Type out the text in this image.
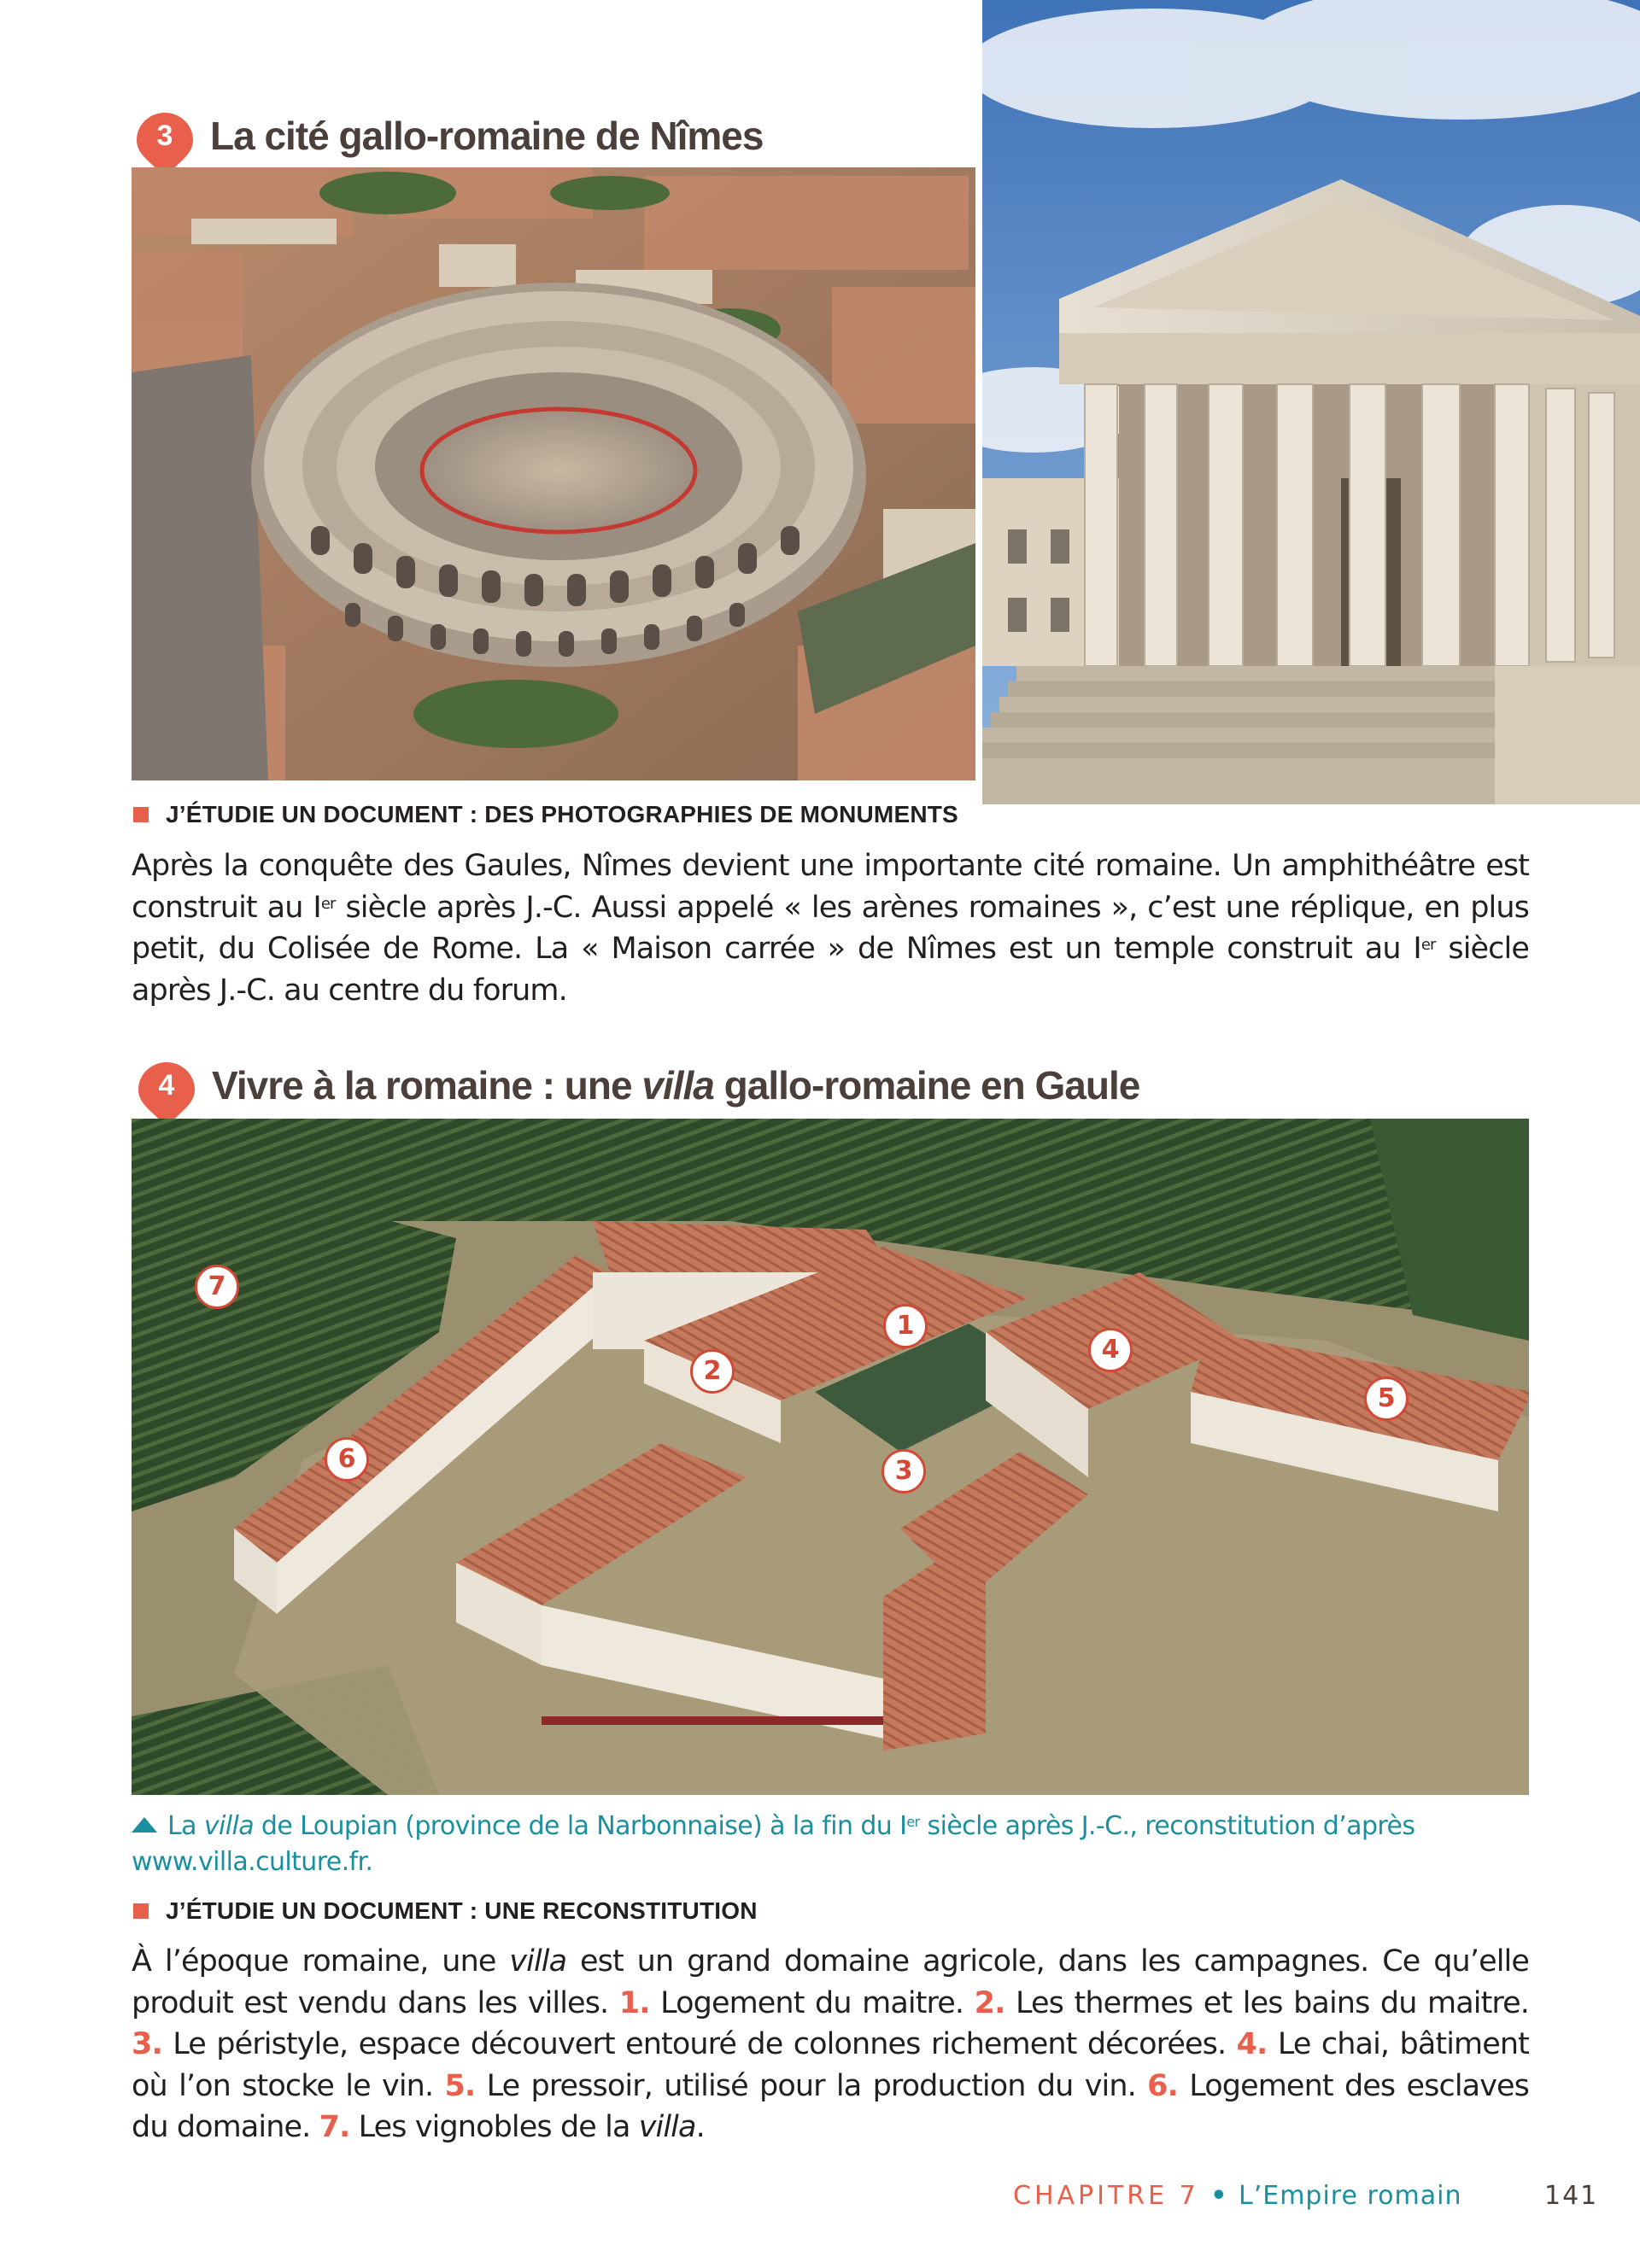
3 La cité gallo-romaine de Nîmes
J’ÉTUDIE UN DOCUMENT : DES PHOTOGRAPHIES DE MONUMENTS
Après la conquête des Gaules, Nîmes devient une importante cité romaine. Un amphithéâtre est construit au Ier siècle après J.-C. Aussi appelé « les arènes romaines », c’est une réplique, en plus petit, du Colisée de Rome. La « Maison carrée » de Nîmes est un temple construit au Ier siècle après J.-C. au centre du forum.
4 Vivre à la romaine : une villa gallo-romaine en Gaule
1
2
3
4
5
6
7
La villa de Loupian (province de la Narbonnaise) à la fin du Ier siècle après J.-C., reconstitution d’après www.villa.culture.fr.
J’ÉTUDIE UN DOCUMENT : UNE RECONSTITUTION
À l’époque romaine, une villa est un grand domaine agricole, dans les campagnes. Ce qu’elle produit est vendu dans les villes. 1. Logement du maitre. 2. Les thermes et les bains du maitre. 3. Le péristyle, espace découvert entouré de colonnes richement décorées. 4. Le chai, bâtiment où l’on stocke le vin. 5. Le pressoir, utilisé pour la production du vin. 6. Logement des esclaves du domaine. 7. Les vignobles de la villa.
CHAPITRE 7 • L’Empire romain	141
